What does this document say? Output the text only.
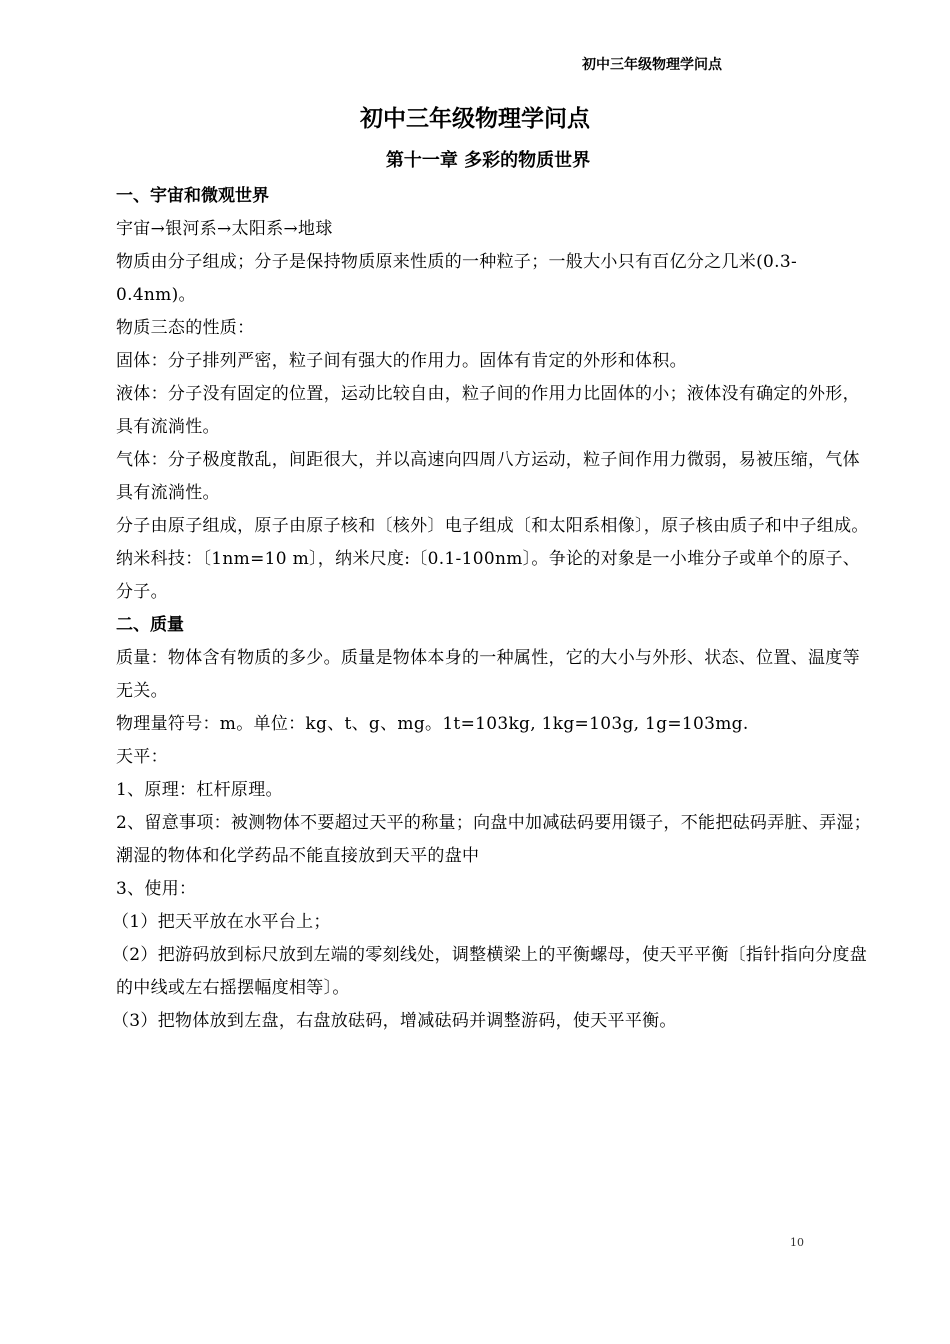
初中三年级物理学问点
初中三年级物理学问点
第十一章 多彩的物质世界

一、宇宙和微观世界

宇宙→银河系→太阳系→地球

物质由分子组成；分子是保持物质原来性质的一种粒子；一般大小只有百亿分之几米(0.3-0.4nm)。

物质三态的性质：

固体：分子排列严密，粒子间有强大的作用力。固体有肯定的外形和体积。

液体：分子没有固定的位置，运动比较自由，粒子间的作用力比固体的小；液体没有确定的外形，具有流淌性。

气体：分子极度散乱，间距很大，并以高速向四周八方运动，粒子间作用力微弱，易被压缩，气体具有流淌性。

分子由原子组成，原子由原子核和〔核外〕电子组成〔和太阳系相像〕，原子核由质子和中子组成。

纳米科技：〔1nm=10 m〕，纳米尺度:〔0.1-100nm〕。争论的对象是一小堆分子或单个的原子、分子。

二、质量

质量：物体含有物质的多少。质量是物体本身的一种属性，它的大小与外形、状态、位置、温度等无关。

物理量符号：m。单位：kg、t、g、mg。1t=103kg, 1kg=103g, 1g=103mg.

天平：

1、原理：杠杆原理。

2、留意事项：被测物体不要超过天平的称量；向盘中加减砝码要用镊子，不能把砝码弄脏、弄湿；潮湿的物体和化学药品不能直接放到天平的盘中

3、使用：

（1）把天平放在水平台上；

（2）把游码放到标尺放到左端的零刻线处，调整横梁上的平衡螺母，使天平平衡〔指针指向分度盘的中线或左右摇摆幅度相等〕。

（3）把物体放到左盘，右盘放砝码，增减砝码并调整游码，使天平平衡。

10
